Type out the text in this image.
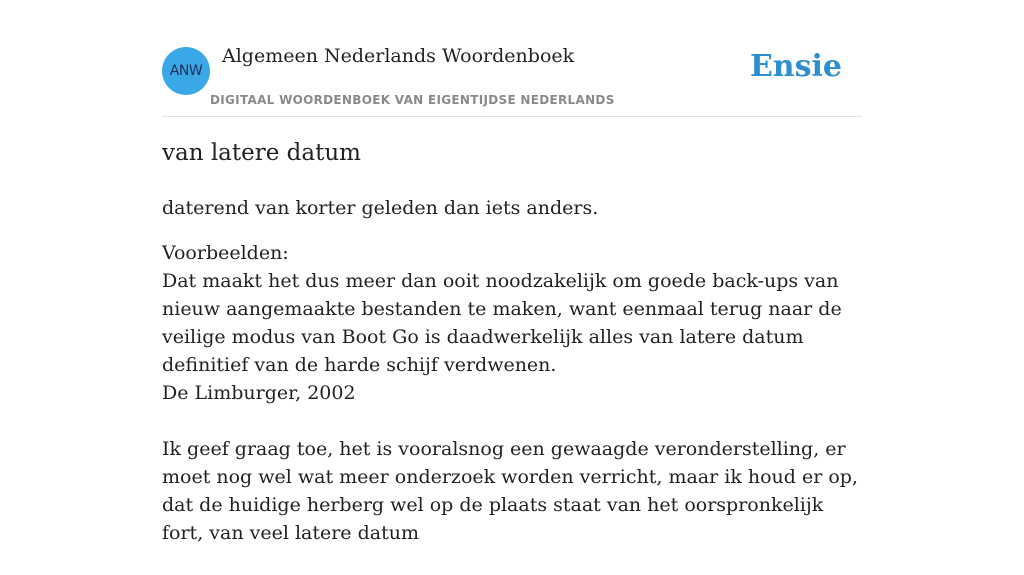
ANW
Algemeen Nederlands Woordenboek
DIGITAAL WOORDENBOEK VAN EIGENTIJDSE NEDERLANDS
Ensie
van latere datum
daterend van korter geleden dan iets anders.
Voorbeelden:
Dat maakt het dus meer dan ooit noodzakelijk om goede back-ups van nieuw aangemaakte bestanden te maken, want eenmaal terug naar de veilige modus van Boot Go is daadwerkelijk alles van latere datum definitief van de harde schijf verdwenen.
De Limburger, 2002
Ik geef graag toe, het is vooralsnog een gewaagde veronderstelling, er moet nog wel wat meer onderzoek worden verricht, maar ik houd er op, dat de huidige herberg wel op de plaats staat van het oorspronkelijk fort, van veel latere datum
